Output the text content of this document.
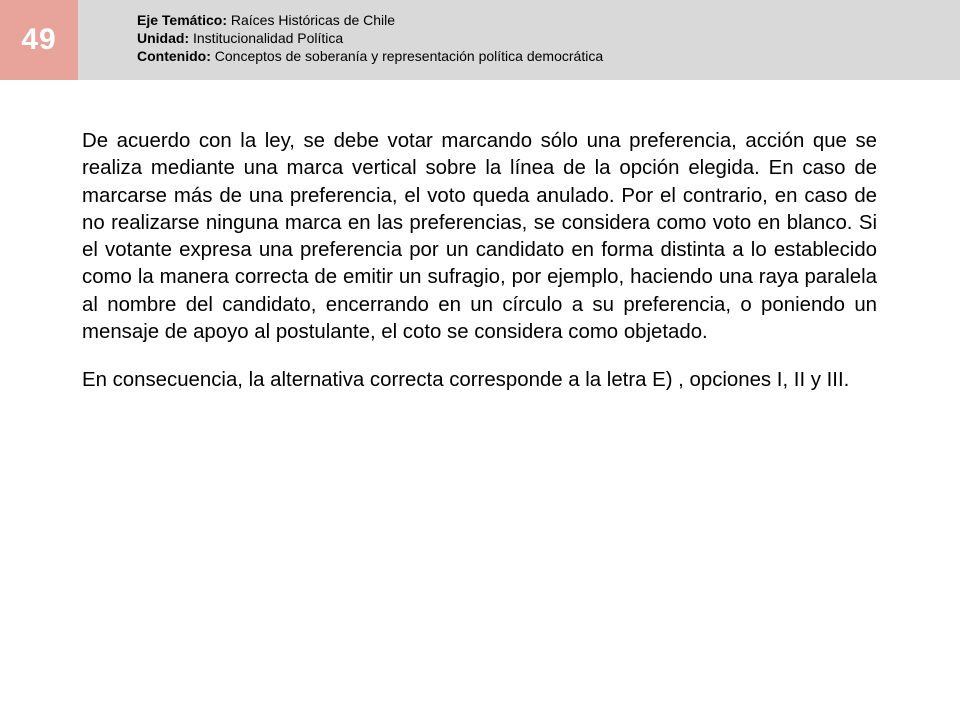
49
Eje Temático: Raíces Históricas de Chile
Unidad: Institucionalidad Política
Contenido: Conceptos de soberanía y representación política democrática

De acuerdo con la ley, se debe votar marcando sólo una preferencia, acción que se realiza mediante una marca vertical sobre la línea de la opción elegida. En caso de marcarse más de una preferencia, el voto queda anulado. Por el contrario, en caso de no realizarse ninguna marca en las preferencias, se considera como voto en blanco. Si el votante expresa una preferencia por un candidato en forma distinta a lo establecido como la manera correcta de emitir un sufragio, por ejemplo, haciendo una raya paralela al nombre del candidato, encerrando en un círculo a su preferencia, o poniendo un mensaje de apoyo al postulante, el coto se considera como objetado.

En consecuencia, la alternativa correcta corresponde a la letra E) , opciones I, II y III.
